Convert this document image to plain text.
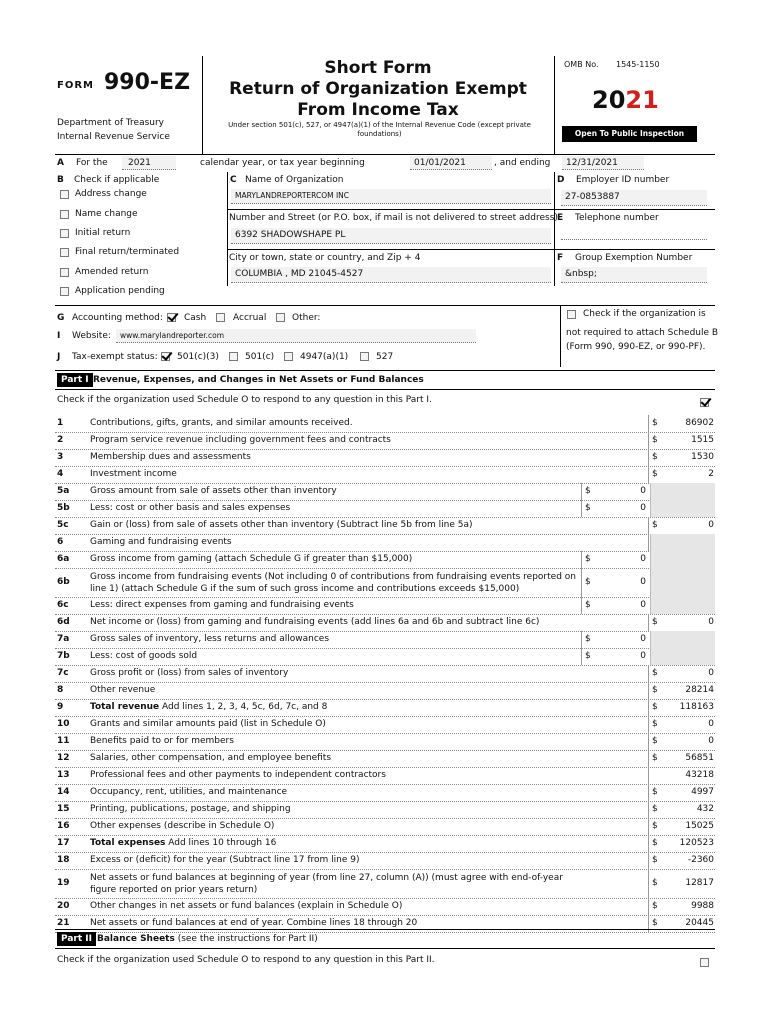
FORM 990-EZ
Department of Treasury
Internal Revenue Service
Short Form
Return of Organization Exempt
From Income Tax
Under section 501(c), 527, or 4947(a)(1) of the Internal Revenue Code (except private foundations)
OMB No. 1545-1150
2021
Open To Public Inspection
A For the	2021	calendar year, or tax year beginning	01/01/2021	, and ending	12/31/2021
B Check if applicable
Address change
Name change
Initial return
Final return/terminated
Amended return
Application pending
C Name of Organization
MARYLANDREPORTERCOM INC
Number and Street (or P.O. box, if mail is not delivered to street address)
6392 SHADOWSHAPE PL
City or town, state or country, and Zip + 4
COLUMBIA , MD 21045-4527
D Employer ID number
27-0853887
E Telephone number
F Group Exemption Number
&nbsp;
G Accounting method: Cash	Accrual	Other:	Check if the organization is
not required to attach Schedule B
(Form 990, 990-EZ, or 990-PF).
I Website:	www.marylandreporter.com
J Tax-exempt status: 501(c)(3)	501(c)	4947(a)(1)	527
Part I Revenue, Expenses, and Changes in Net Assets or Fund Balances
Check if the organization used Schedule O to respond to any question in this Part I.
1	Contributions, gifts, grants, and similar amounts received.	$	86902
2	Program service revenue including government fees and contracts	$	1515
3	Membership dues and assessments	$	1530
4	Investment income	$	2
5a Gross amount from sale of assets other than inventory	$	0
5b Less: cost or other basis and sales expenses	$	0
5c Gain or (loss) from sale of assets other than inventory (Subtract line 5b from line 5a)	$	0
6	Gaming and fundraising events
6a Gross income from gaming (attach Schedule G if greater than $15,000)	$	0
6b Gross income from fundraising events (Not including 0 of contributions from fundraising events reported on line 1) (attach Schedule G if the sum of such gross income and contributions exceeds $15,000)
$	0
6c Less: direct expenses from gaming and fundraising events	$	0
6d Net income or (loss) from gaming and fundraising events (add lines 6a and 6b and subtract line 6c)	$	0
7a Gross sales of inventory, less returns and allowances	$	0
7b Less: cost of goods sold	$	0
7c Gross profit or (loss) from sales of inventory	$	0
8	Other revenue	$	28214
9	Total revenue Add lines 1, 2, 3, 4, 5c, 6d, 7c, and 8	$	118163
10 Grants and similar amounts paid (list in Schedule O)	$	0
11 Benefits paid to or for members	$	0
12 Salaries, other compensation, and employee benefits	$	56851
13 Professional fees and other payments to independent contractors	43218
14 Occupancy, rent, utilities, and maintenance	$	4997
15 Printing, publications, postage, and shipping	$	432
16 Other expenses (describe in Schedule O)	$	15025
17 Total expenses Add lines 10 through 16	$	120523
18 Excess or (deficit) for the year (Subtract line 17 from line 9)	$	-2360
19 Net assets or fund balances at beginning of year (from line 27, column (A)) (must agree with end-of-year figure reported on prior years return)
$	12817
20 Other changes in net assets or fund balances (explain in Schedule O)	$	9988
21 Net assets or fund balances at end of year. Combine lines 18 through 20	$	20445
Part II Balance Sheets (see the instructions for Part II)
Check if the organization used Schedule O to respond to any question in this Part II.
